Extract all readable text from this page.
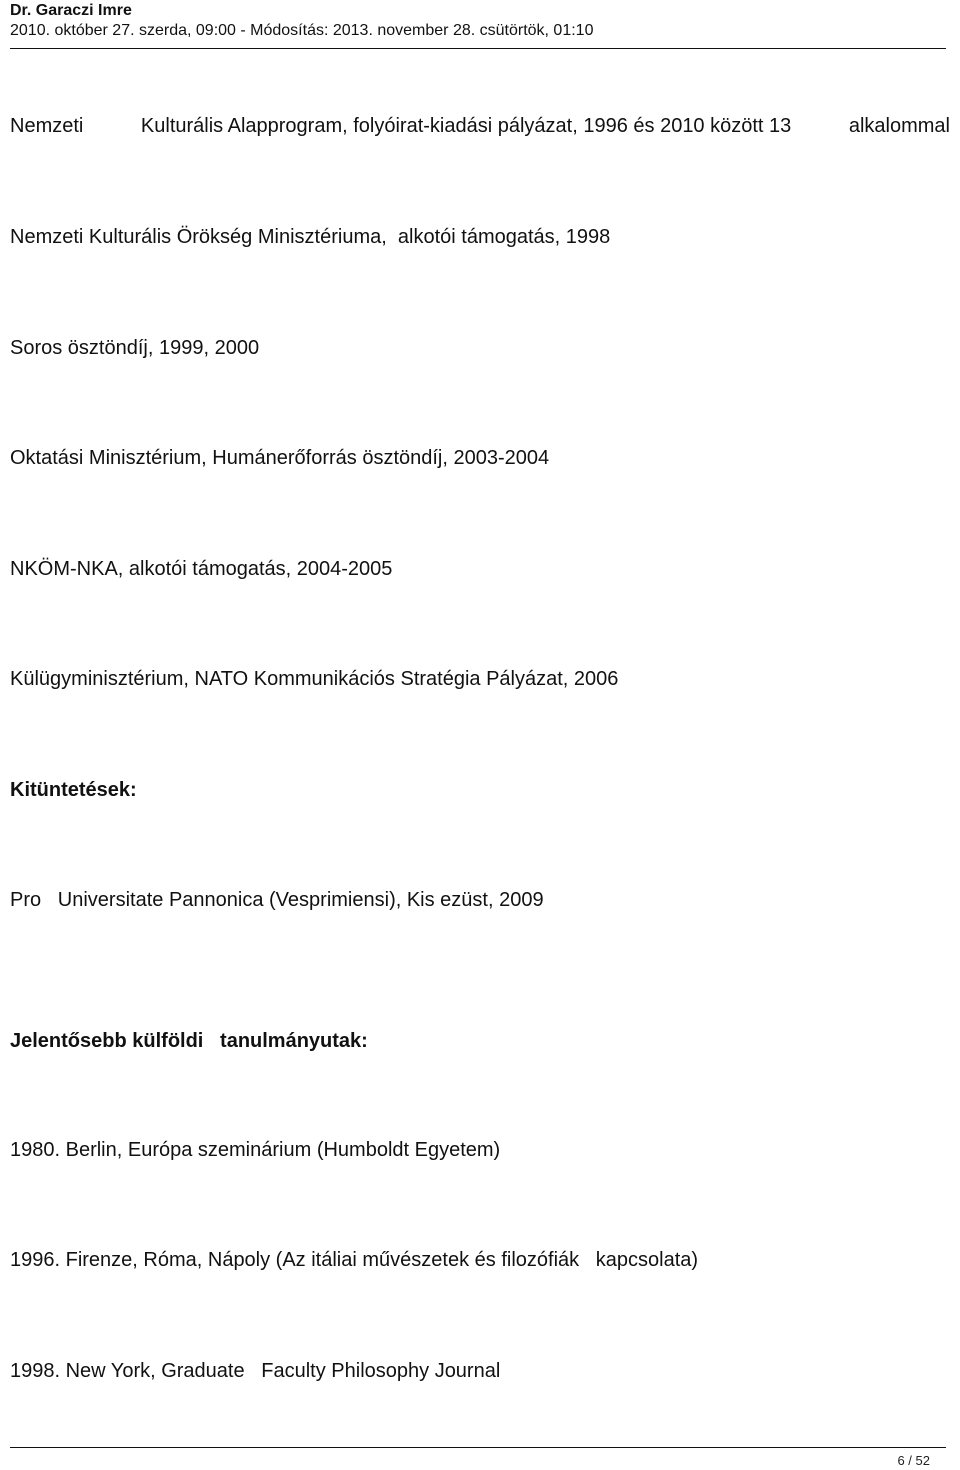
Dr. Garaczi Imre
2010. október 27. szerda, 09:00 - Módosítás: 2013. november 28. csütörtök, 01:10
Nemzeti	Kulturális Alapprogram, folyóirat-kiadási pályázat, 1996 és 2010 között 13	alkalommal
Nemzeti Kulturális Örökség Minisztériuma,  alkotói támogatás, 1998
Soros ösztöndíj, 1999, 2000
Oktatási Minisztérium, Humánerőforrás ösztöndíj, 2003-2004
NKÖM-NKA, alkotói támogatás, 2004-2005
Külügyminisztérium, NATO Kommunikációs Stratégia Pályázat, 2006
Kitüntetések:
Pro   Universitate Pannonica (Vesprimiensi), Kis ezüst, 2009
Jelentősebb külföldi   tanulmányutak:
1980. Berlin, Európa szeminárium (Humboldt Egyetem)
1996. Firenze, Róma, Nápoly (Az itáliai művészetek és filozófiák   kapcsolata)
1998. New York, Graduate   Faculty Philosophy Journal
6 / 52
